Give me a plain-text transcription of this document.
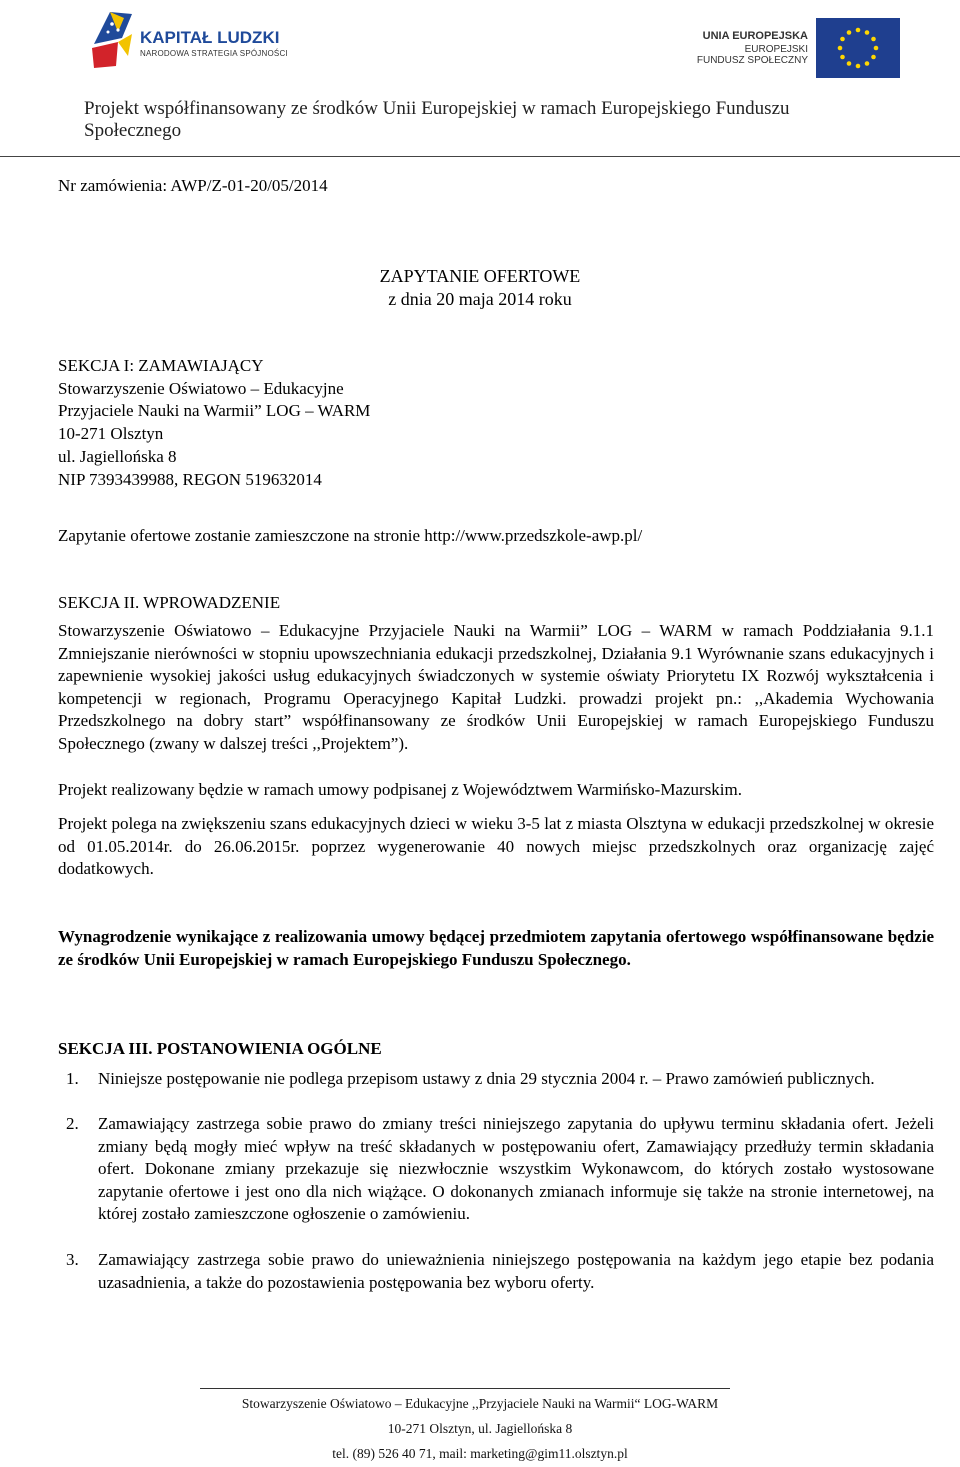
KAPITAŁ LUDZKI
NARODOWA STRATEGIA SPÓJNOŚCI
UNIA EUROPEJSKA
EUROPEJSKI
FUNDUSZ SPOŁECZNY
Projekt współfinansowany ze środków Unii Europejskiej w ramach Europejskiego Funduszu Społecznego
Nr zamówienia: AWP/Z-01-20/05/2014
ZAPYTANIE OFERTOWE
z dnia 20 maja 2014 roku
SEKCJA I: ZAMAWIAJĄCY
Stowarzyszenie Oświatowo – Edukacyjne
Przyjaciele Nauki na Warmii” LOG – WARM
10-271 Olsztyn
ul. Jagiellońska 8
NIP 7393439988, REGON 519632014
Zapytanie ofertowe zostanie zamieszczone na stronie http://www.przedszkole-awp.pl/
SEKCJA II. WPROWADZENIE
Stowarzyszenie Oświatowo – Edukacyjne Przyjaciele Nauki na Warmii” LOG – WARM w ramach Poddziałania 9.1.1 Zmniejszanie nierówności w stopniu upowszechniania edukacji przedszkolnej, Działania 9.1 Wyrównanie szans edukacyjnych i zapewnienie wysokiej jakości usług edukacyjnych świadczonych w systemie oświaty Priorytetu IX Rozwój wykształcenia i kompetencji w regionach, Programu Operacyjnego Kapitał Ludzki. prowadzi projekt pn.: ,,Akademia Wychowania Przedszkolnego na dobry start” współfinansowany ze środków Unii Europejskiej w ramach Europejskiego Funduszu Społecznego (zwany w dalszej treści ,,Projektem”).
Projekt realizowany będzie w ramach umowy podpisanej z Województwem Warmińsko-Mazurskim.
Projekt polega na zwiększeniu szans edukacyjnych dzieci w wieku 3-5 lat z miasta Olsztyna w edukacji przedszkolnej w okresie od 01.05.2014r. do 26.06.2015r. poprzez wygenerowanie 40 nowych miejsc przedszkolnych oraz organizację zajęć dodatkowych.
Wynagrodzenie wynikające z realizowania umowy będącej przedmiotem zapytania ofertowego współfinansowane będzie ze środków Unii Europejskiej w ramach Europejskiego Funduszu Społecznego.
SEKCJA III. POSTANOWIENIA OGÓLNE
1. Niniejsze postępowanie nie podlega przepisom ustawy z dnia 29 stycznia 2004 r. – Prawo zamówień publicznych.
2. Zamawiający zastrzega sobie prawo do zmiany treści niniejszego zapytania do upływu terminu składania ofert. Jeżeli zmiany będą mogły mieć wpływ na treść składanych w postępowaniu ofert, Zamawiający przedłuży termin składania ofert. Dokonane zmiany przekazuje się niezwłocznie wszystkim Wykonawcom, do których zostało wystosowane zapytanie ofertowe i jest ono dla nich wiążące. O dokonanych zmianach informuje się także na stronie internetowej, na której zostało zamieszczone ogłoszenie o zamówieniu.
3. Zamawiający zastrzega sobie prawo do unieważnienia niniejszego postępowania na każdym jego etapie bez podania uzasadnienia, a także do pozostawienia postępowania bez wyboru oferty.
Stowarzyszenie Oświatowo – Edukacyjne ,,Przyjaciele Nauki na Warmii“ LOG-WARM
10-271 Olsztyn, ul. Jagiellońska 8
tel. (89) 526 40 71, mail: marketing@gim11.olsztyn.pl
